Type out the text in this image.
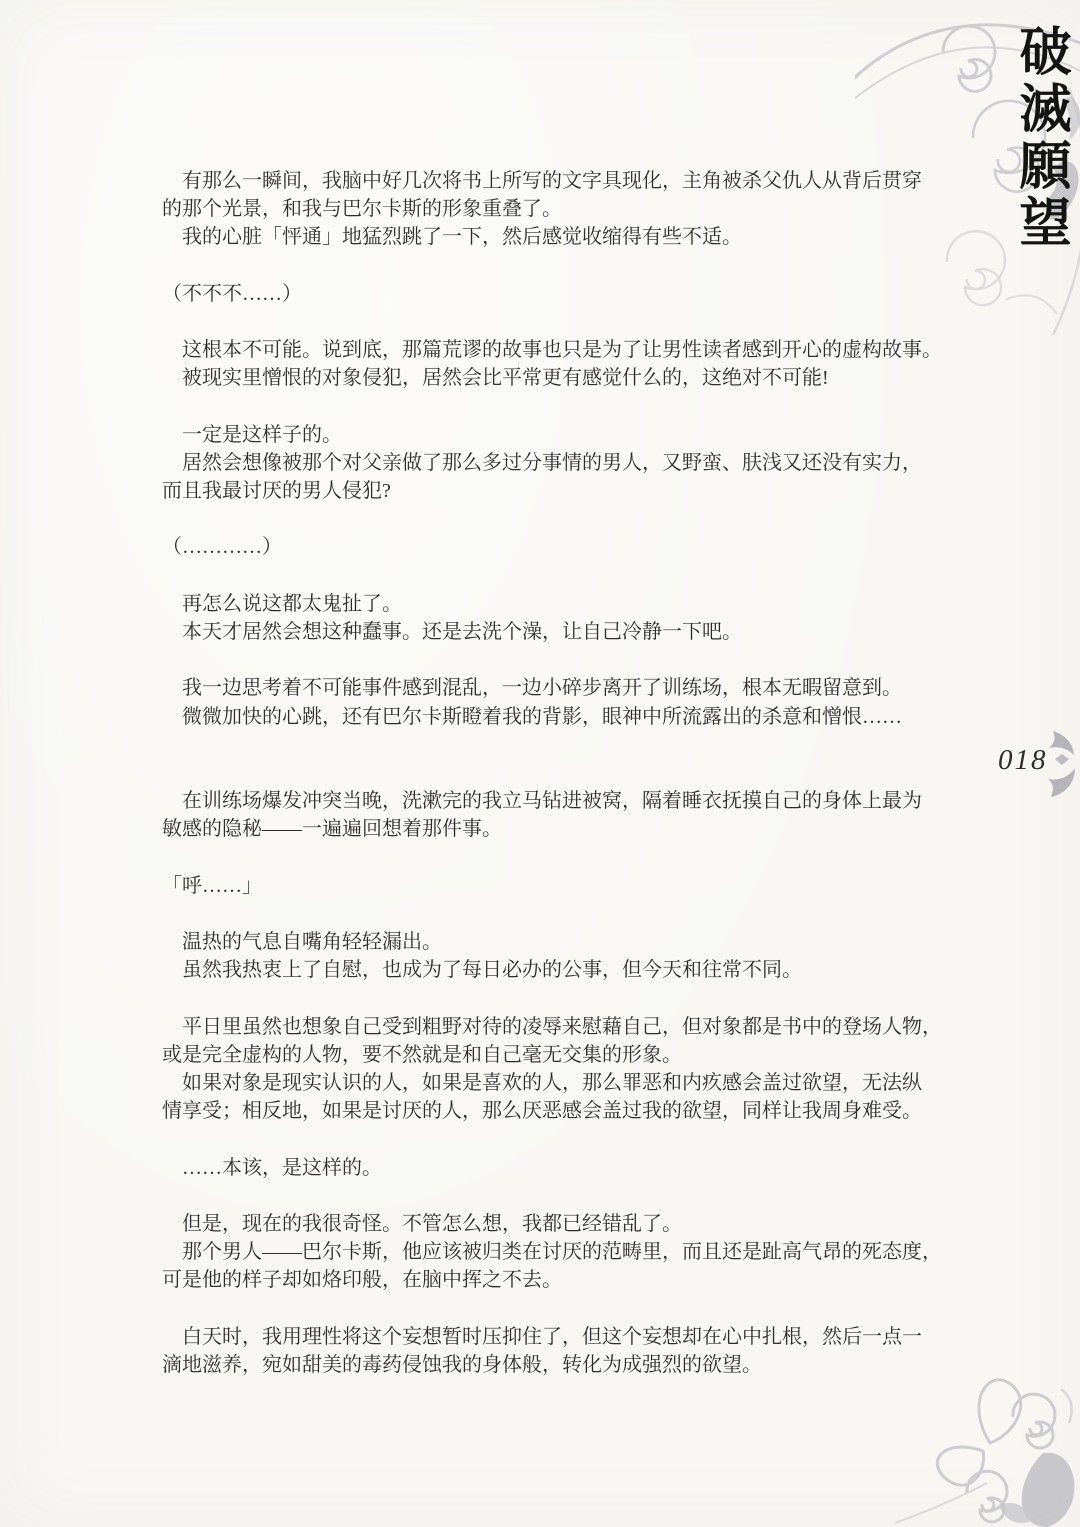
破滅願望
018
有那么一瞬间，我脑中好几次将书上所写的文字具现化，主角被杀父仇人从背后贯穿
的那个光景，和我与巴尔卡斯的形象重叠了。
我的心脏「怦通」地猛烈跳了一下，然后感觉收缩得有些不适。
（不不不……）
这根本不可能。说到底，那篇荒谬的故事也只是为了让男性读者感到开心的虚构故事。
被现实里憎恨的对象侵犯，居然会比平常更有感觉什么的，这绝对不可能!
一定是这样子的。
居然会想像被那个对父亲做了那么多过分事情的男人，又野蛮、肤浅又还没有实力，
而且我最讨厌的男人侵犯?
（…………）
再怎么说这都太鬼扯了。
本天才居然会想这种蠢事。还是去洗个澡，让自己冷静一下吧。
我一边思考着不可能事件感到混乱，一边小碎步离开了训练场，根本无暇留意到。
微微加快的心跳，还有巴尔卡斯瞪着我的背影，眼神中所流露出的杀意和憎恨……
在训练场爆发冲突当晚，洗漱完的我立马钻进被窝，隔着睡衣抚摸自己的身体上最为
敏感的隐秘——一遍遍回想着那件事。
「呼……」
温热的气息自嘴角轻轻漏出。
虽然我热衷上了自慰，也成为了每日必办的公事，但今天和往常不同。
平日里虽然也想象自己受到粗野对待的凌辱来慰藉自己，但对象都是书中的登场人物，
或是完全虚构的人物，要不然就是和自己毫无交集的形象。
如果对象是现实认识的人，如果是喜欢的人，那么罪恶和内疚感会盖过欲望，无法纵
情享受；相反地，如果是讨厌的人，那么厌恶感会盖过我的欲望，同样让我周身难受。
……本该，是这样的。
但是，现在的我很奇怪。不管怎么想，我都已经错乱了。
那个男人——巴尔卡斯，他应该被归类在讨厌的范畴里，而且还是趾高气昂的死态度，
可是他的样子却如烙印般，在脑中挥之不去。
白天时，我用理性将这个妄想暂时压抑住了，但这个妄想却在心中扎根，然后一点一
滴地滋养，宛如甜美的毒药侵蚀我的身体般，转化为成强烈的欲望。
